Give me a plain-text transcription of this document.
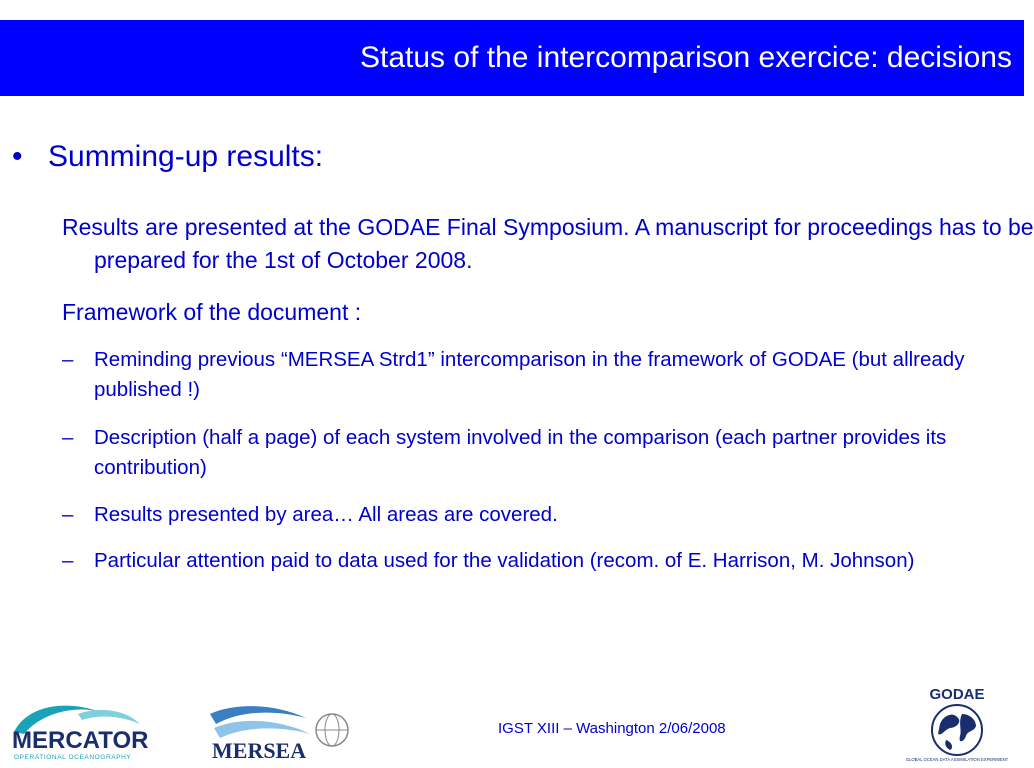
Status of the intercomparison exercice: decisions
• Summing-up results:
Results are presented at the GODAE Final Symposium. A manuscript for proceedings has to be prepared for the 1st of October 2008.
Framework of the document :
–	Reminding previous “MERSEA Strd1” intercomparison in the framework of GODAE (but allready published !)
–	Description (half a page) of each system involved in the comparison (each partner provides its contribution)
–	Results presented by area… All areas are covered.
–	Particular attention paid to data used for the validation (recom. of E. Harrison, M. Johnson)
MERCATOR
OPERATIONAL OCEANOGRAPHY	MERSEA
IGST XIII – Washington 2/06/2008
GODAE
GLOBAL OCEAN DATA ASSIMILATION EXPERIMENT
